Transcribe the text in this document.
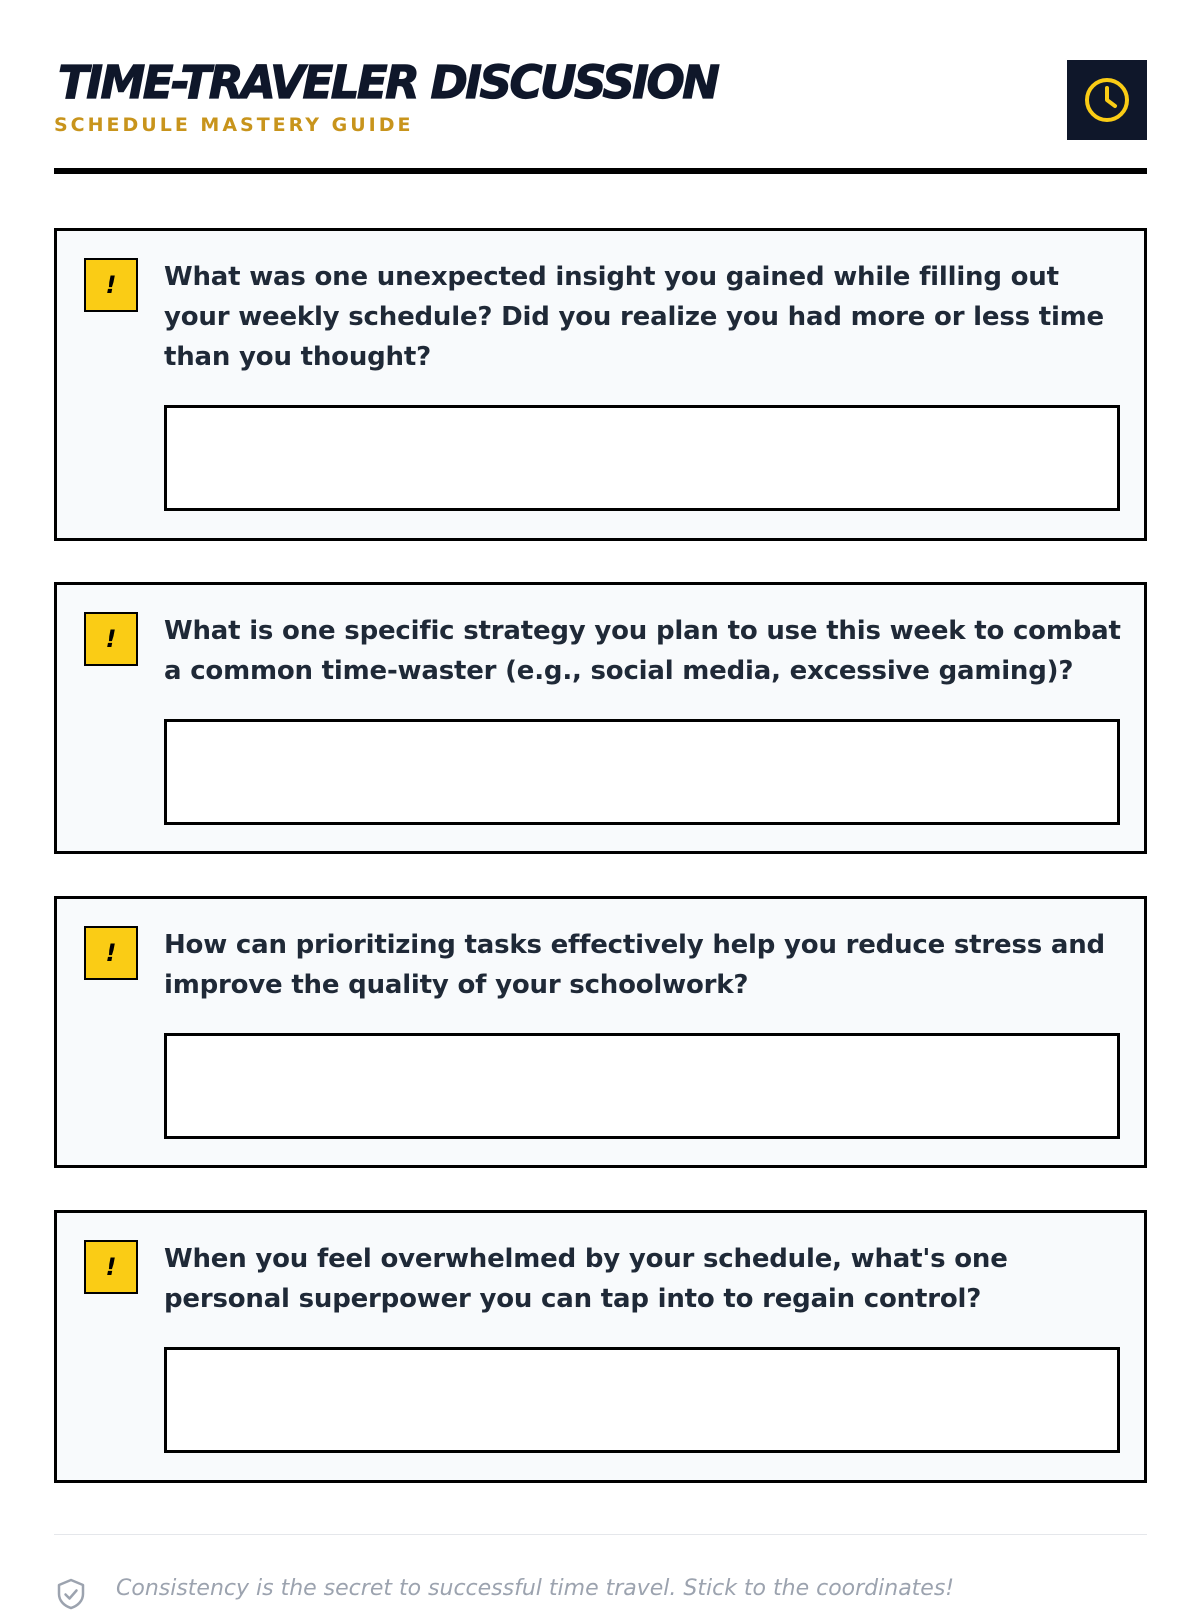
TIME-TRAVELER DISCUSSION

SCHEDULE MASTERY GUIDE

!	What was one unexpected insight you gained while filling out your weekly schedule? Did you realize you had more or less time than you thought?

!	What is one specific strategy you plan to use this week to combat a common time-waster (e.g., social media, excessive gaming)?

!	How can prioritizing tasks effectively help you reduce stress and improve the quality of your schoolwork?

!	When you feel overwhelmed by your schedule, what's one personal superpower you can tap into to regain control?

Consistency is the secret to successful time travel. Stick to the coordinates!
